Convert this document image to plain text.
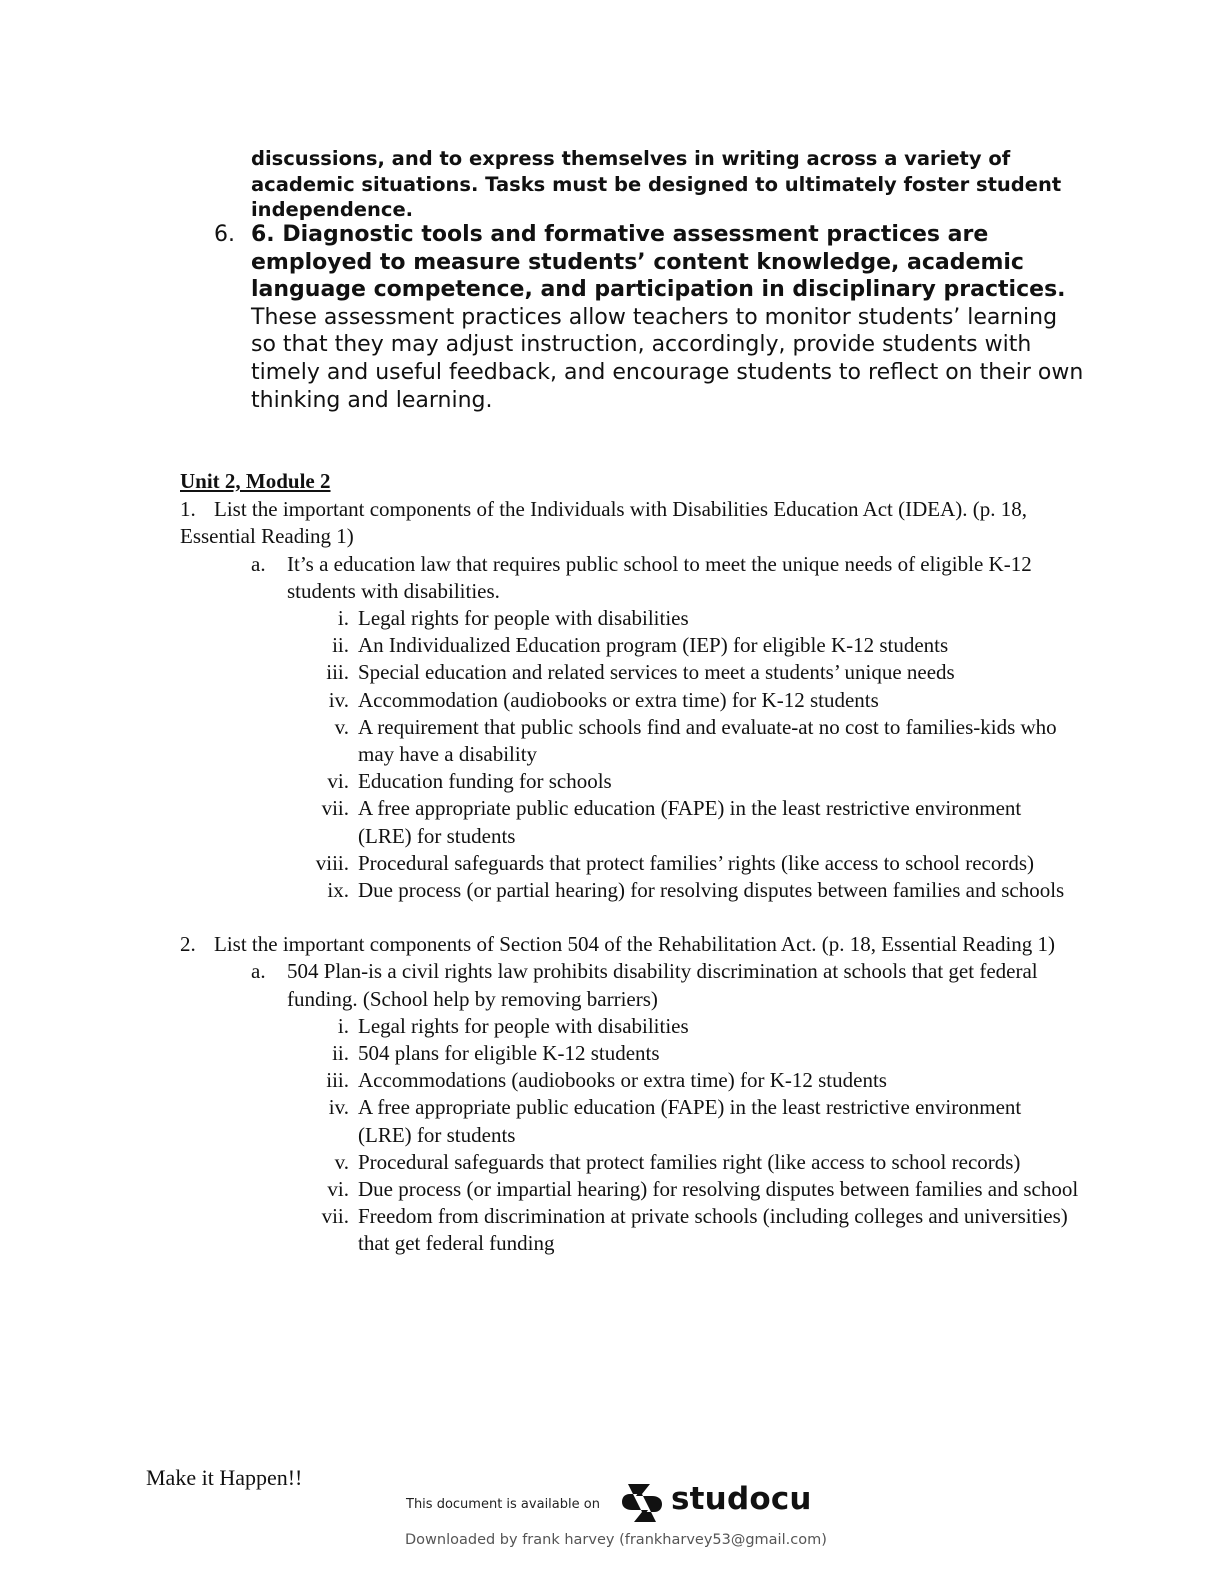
discussions, and to express themselves in writing across a variety of academic situations. Tasks must be designed to ultimately foster student independence.
6. 6. Diagnostic tools and formative assessment practices are employed to measure students’ content knowledge, academic language competence, and participation in disciplinary practices. These assessment practices allow teachers to monitor students’ learning so that they may adjust instruction, accordingly, provide students with timely and useful feedback, and encourage students to reflect on their own thinking and learning.
Unit 2, Module 2
1. List the important components of the Individuals with Disabilities Education Act (IDEA). (p. 18, Essential Reading 1)
a. It’s a education law that requires public school to meet the unique needs of eligible K-12 students with disabilities.
i. Legal rights for people with disabilities
ii. An Individualized Education program (IEP) for eligible K-12 students
iii. Special education and related services to meet a students’ unique needs
iv. Accommodation (audiobooks or extra time) for K-12 students
v. A requirement that public schools find and evaluate-at no cost to families-kids who may have a disability
vi. Education funding for schools
vii. A free appropriate public education (FAPE) in the least restrictive environment (LRE) for students
viii. Procedural safeguards that protect families’ rights (like access to school records)
ix. Due process (or partial hearing) for resolving disputes between families and schools
2. List the important components of Section 504 of the Rehabilitation Act. (p. 18, Essential Reading 1)
a. 504 Plan-is a civil rights law prohibits disability discrimination at schools that get federal funding. (School help by removing barriers)
i. Legal rights for people with disabilities
ii. 504 plans for eligible K-12 students
iii. Accommodations (audiobooks or extra time) for K-12 students
iv. A free appropriate public education (FAPE) in the least restrictive environment (LRE) for students
v. Procedural safeguards that protect families right (like access to school records)
vi. Due process (or impartial hearing) for resolving disputes between families and school
vii. Freedom from discrimination at private schools (including colleges and universities) that get federal funding
Make it Happen!!
This document is available on studocu
Downloaded by frank harvey (frankharvey53@gmail.com)
